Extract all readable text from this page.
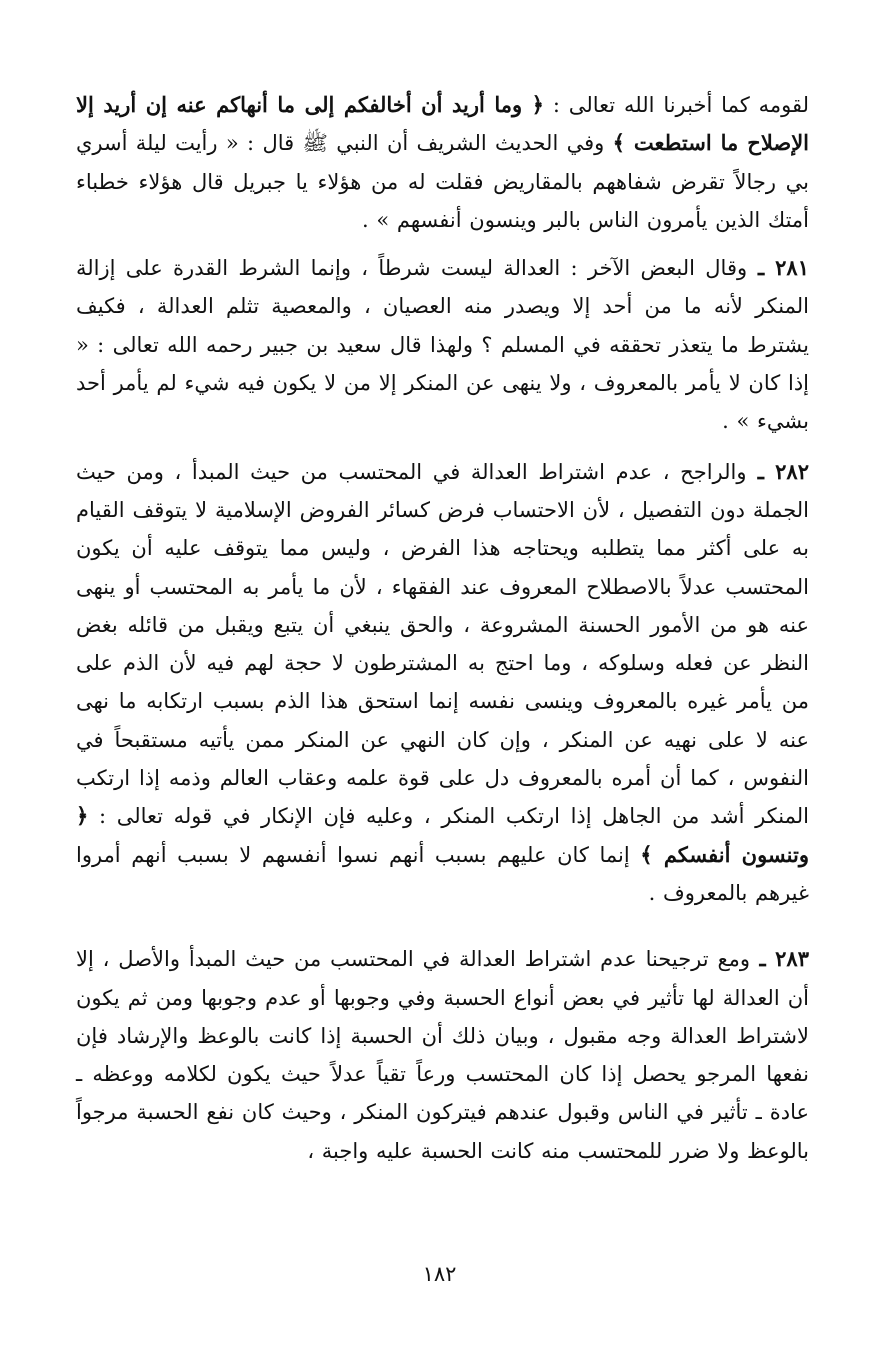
لقومه كما أخبرنا الله تعالى : ﴿ وما أريد أن أخالفكم إلى ما أنهاكم عنه إن أريد إلا الإصلاح ما استطعت ﴾ وفي الحديث الشريف أن النبي ﷺ قال : « رأيت ليلة أسري بي رجالاً تقرض شفاههم بالمقاريض فقلت له من هؤلاء يا جبريل قال هؤلاء خطباء أمتك الذين يأمرون الناس بالبر وينسون أنفسهم » .

٢٨١ ـ وقال البعض الآخر : العدالة ليست شرطاً ، وإنما الشرط القدرة على إزالة المنكر لأنه ما من أحد إلا ويصدر منه العصيان ، والمعصية تثلم العدالة ، فكيف يشترط ما يتعذر تحققه في المسلم ؟ ولهذا قال سعيد بن جبير رحمه الله تعالى : « إذا كان لا يأمر بالمعروف ، ولا ينهى عن المنكر إلا من لا يكون فيه شيء لم يأمر أحد بشيء » .

٢٨٢ ـ والراجح ، عدم اشتراط العدالة في المحتسب من حيث المبدأ ، ومن حيث الجملة دون التفصيل ، لأن الاحتساب فرض كسائر الفروض الإسلامية لا يتوقف القيام به على أكثر مما يتطلبه ويحتاجه هذا الفرض ، وليس مما يتوقف عليه أن يكون المحتسب عدلاً بالاصطلاح المعروف عند الفقهاء ، لأن ما يأمر به المحتسب أو ينهى عنه هو من الأمور الحسنة المشروعة ، والحق ينبغي أن يتبع ويقبل من قائله بغض النظر عن فعله وسلوكه ، وما احتج به المشترطون لا حجة لهم فيه لأن الذم على من يأمر غيره بالمعروف وينسى نفسه إنما استحق هذا الذم بسبب ارتكابه ما نهى عنه لا على نهيه عن المنكر ، وإن كان النهي عن المنكر ممن يأتيه مستقبحاً في النفوس ، كما أن أمره بالمعروف دل على قوة علمه وعقاب العالم وذمه إذا ارتكب المنكر أشد من الجاهل إذا ارتكب المنكر ، وعليه فإن الإنكار في قوله تعالى : ﴿ وتنسون أنفسكم ﴾ إنما كان عليهم بسبب أنهم نسوا أنفسهم لا بسبب أنهم أمروا غيرهم بالمعروف .

٢٨٣ ـ ومع ترجيحنا عدم اشتراط العدالة في المحتسب من حيث المبدأ والأصل ، إلا أن العدالة لها تأثير في بعض أنواع الحسبة وفي وجوبها أو عدم وجوبها ومن ثم يكون لاشتراط العدالة وجه مقبول ، وبيان ذلك أن الحسبة إذا كانت بالوعظ والإرشاد فإن نفعها المرجو يحصل إذا كان المحتسب ورعاً تقياً عدلاً حيث يكون لكلامه ووعظه ـ عادة ـ تأثير في الناس وقبول عندهم فيتركون المنكر ، وحيث كان نفع الحسبة مرجواً بالوعظ ولا ضرر للمحتسب منه كانت الحسبة عليه واجبة ،

١٨٢
